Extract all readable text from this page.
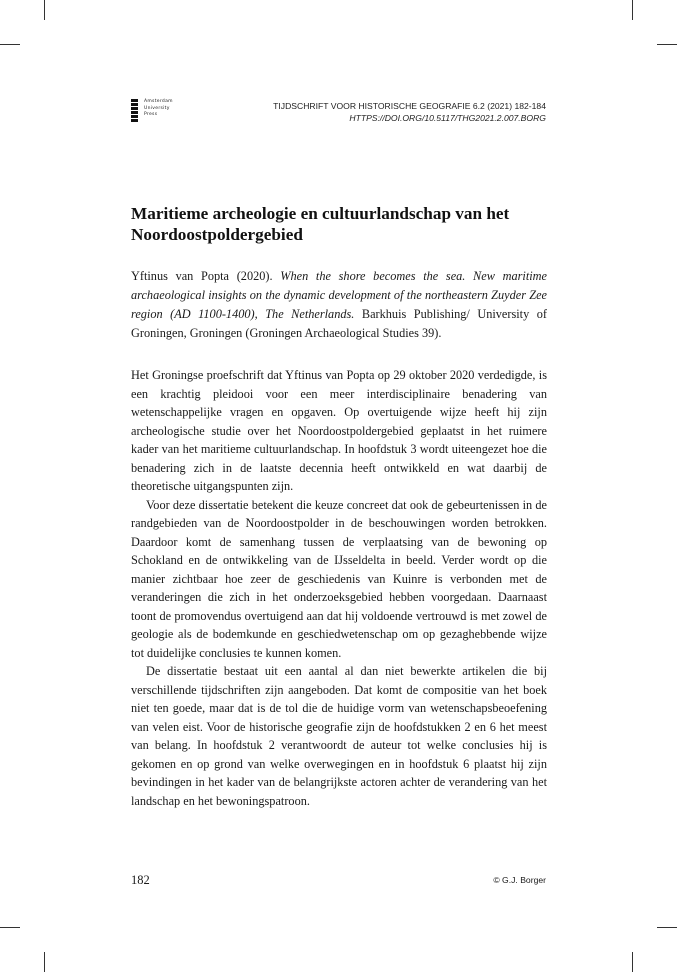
Amsterdam
University
Press
TIJDSCHRIFT VOOR HISTORISCHE GEOGRAFIE 6.2 (2021) 182-184
HTTPS://DOI.ORG/10.5117/THG2021.2.007.BORG
Maritieme archeologie en cultuurlandschap van het Noordoostpoldergebied

Yftinus van Popta (2020). When the shore becomes the sea. New maritime archaeological insights on the dynamic development of the northeastern Zuyder Zee region (AD 1100-1400), The Netherlands. Barkhuis Publishing/ University of Groningen, Groningen (Groningen Archaeological Studies 39).

Het Groningse proefschrift dat Yftinus van Popta op 29 oktober 2020 verdedigde, is een krachtig pleidooi voor een meer interdisciplinaire benadering van wetenschappelijke vragen en opgaven. Op overtuigende wijze heeft hij zijn archeologische studie over het Noordoostpoldergebied geplaatst in het ruimere kader van het maritieme cultuurlandschap. In hoofdstuk 3 wordt uiteengezet hoe die benadering zich in de laatste decennia heeft ontwikkeld en wat daarbij de theoretische uitgangspunten zijn.

Voor deze dissertatie betekent die keuze concreet dat ook de gebeurtenissen in de randgebieden van de Noordoostpolder in de beschouwingen worden betrokken. Daardoor komt de samenhang tussen de verplaatsing van de bewoning op Schokland en de ontwikkeling van de IJsseldelta in beeld. Verder wordt op die manier zichtbaar hoe zeer de geschiedenis van Kuinre is verbonden met de veranderingen die zich in het onderzoeksgebied hebben voorgedaan. Daarnaast toont de promovendus overtuigend aan dat hij voldoende vertrouwd is met zowel de geologie als de bodemkunde en geschiedwetenschap om op gezaghebbende wijze tot duidelijke conclusies te kunnen komen.

De dissertatie bestaat uit een aantal al dan niet bewerkte artikelen die bij verschillende tijdschriften zijn aangeboden. Dat komt de compositie van het boek niet ten goede, maar dat is de tol die de huidige vorm van wetenschapsbeoefening van velen eist. Voor de historische geografie zijn de hoofdstukken 2 en 6 het meest van belang. In hoofdstuk 2 verantwoordt de auteur tot welke conclusies hij is gekomen en op grond van welke overwegingen en in hoofdstuk 6 plaatst hij zijn bevindingen in het kader van de belangrijkste actoren achter de verandering van het landschap en het bewoningspatroon.

182	© G.J. Borger
